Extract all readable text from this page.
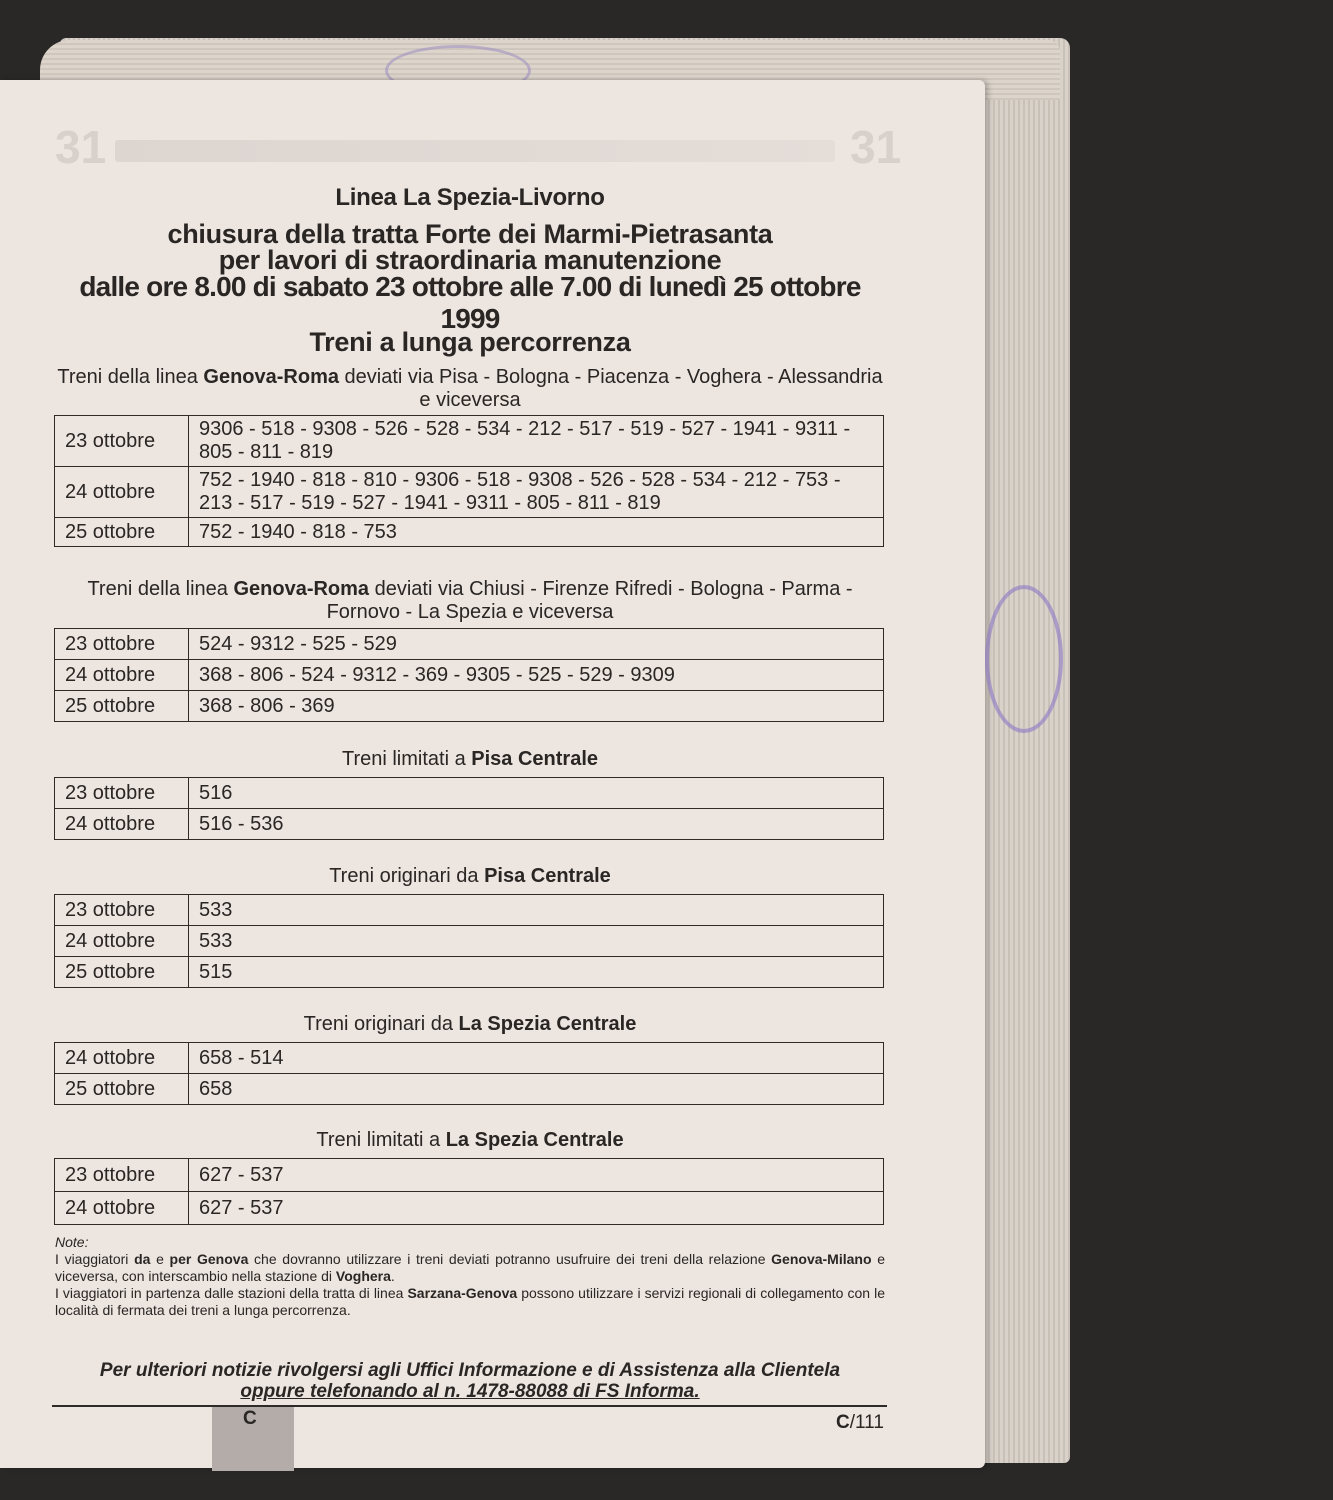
31	31
Linea La Spezia-Livorno
chiusura della tratta Forte dei Marmi-Pietrasanta
per lavori di straordinaria manutenzione
dalle ore 8.00 di sabato 23 ottobre alle 7.00 di lunedì 25 ottobre 1999
Treni a lunga percorrenza
Treni della linea Genova-Roma deviati via Pisa - Bologna - Piacenza - Voghera - Alessandria e viceversa
23 ottobre	9306 - 518 - 9308 - 526 - 528 - 534 - 212 - 517 - 519 - 527 - 1941 - 9311 - 805 - 811 - 819
24 ottobre	752 - 1940 - 818 - 810 - 9306 - 518 - 9308 - 526 - 528 - 534 - 212 - 753 - 213 - 517 - 519 - 527 - 1941 - 9311 - 805 - 811 - 819
25 ottobre	752 - 1940 - 818 - 753
Treni della linea Genova-Roma deviati via Chiusi - Firenze Rifredi - Bologna - Parma - Fornovo - La Spezia e viceversa
23 ottobre	524 - 9312 - 525 - 529
24 ottobre	368 - 806 - 524 - 9312 - 369 - 9305 - 525 - 529 - 9309
25 ottobre	368 - 806 - 369
Treni limitati a Pisa Centrale
23 ottobre	516
24 ottobre	516 - 536
Treni originari da Pisa Centrale
23 ottobre	533
24 ottobre	533
25 ottobre	515
Treni originari da La Spezia Centrale
24 ottobre	658 - 514
25 ottobre	658
Treni limitati a La Spezia Centrale
23 ottobre	627 - 537
24 ottobre	627 - 537
Note:
I viaggiatori da e per Genova che dovranno utilizzare i treni deviati potranno usufruire dei treni della relazione Genova-Milano e viceversa, con interscambio nella stazione di Voghera.
I viaggiatori in partenza dalle stazioni della tratta di linea Sarzana-Genova possono utilizzare i servizi regionali di collegamento con le località di fermata dei treni a lunga percorrenza.
Per ulteriori notizie rivolgersi agli Uffici Informazione e di Assistenza alla Clientela
oppure telefonando al n. 1478-88088 di FS Informa.
C	C/111
